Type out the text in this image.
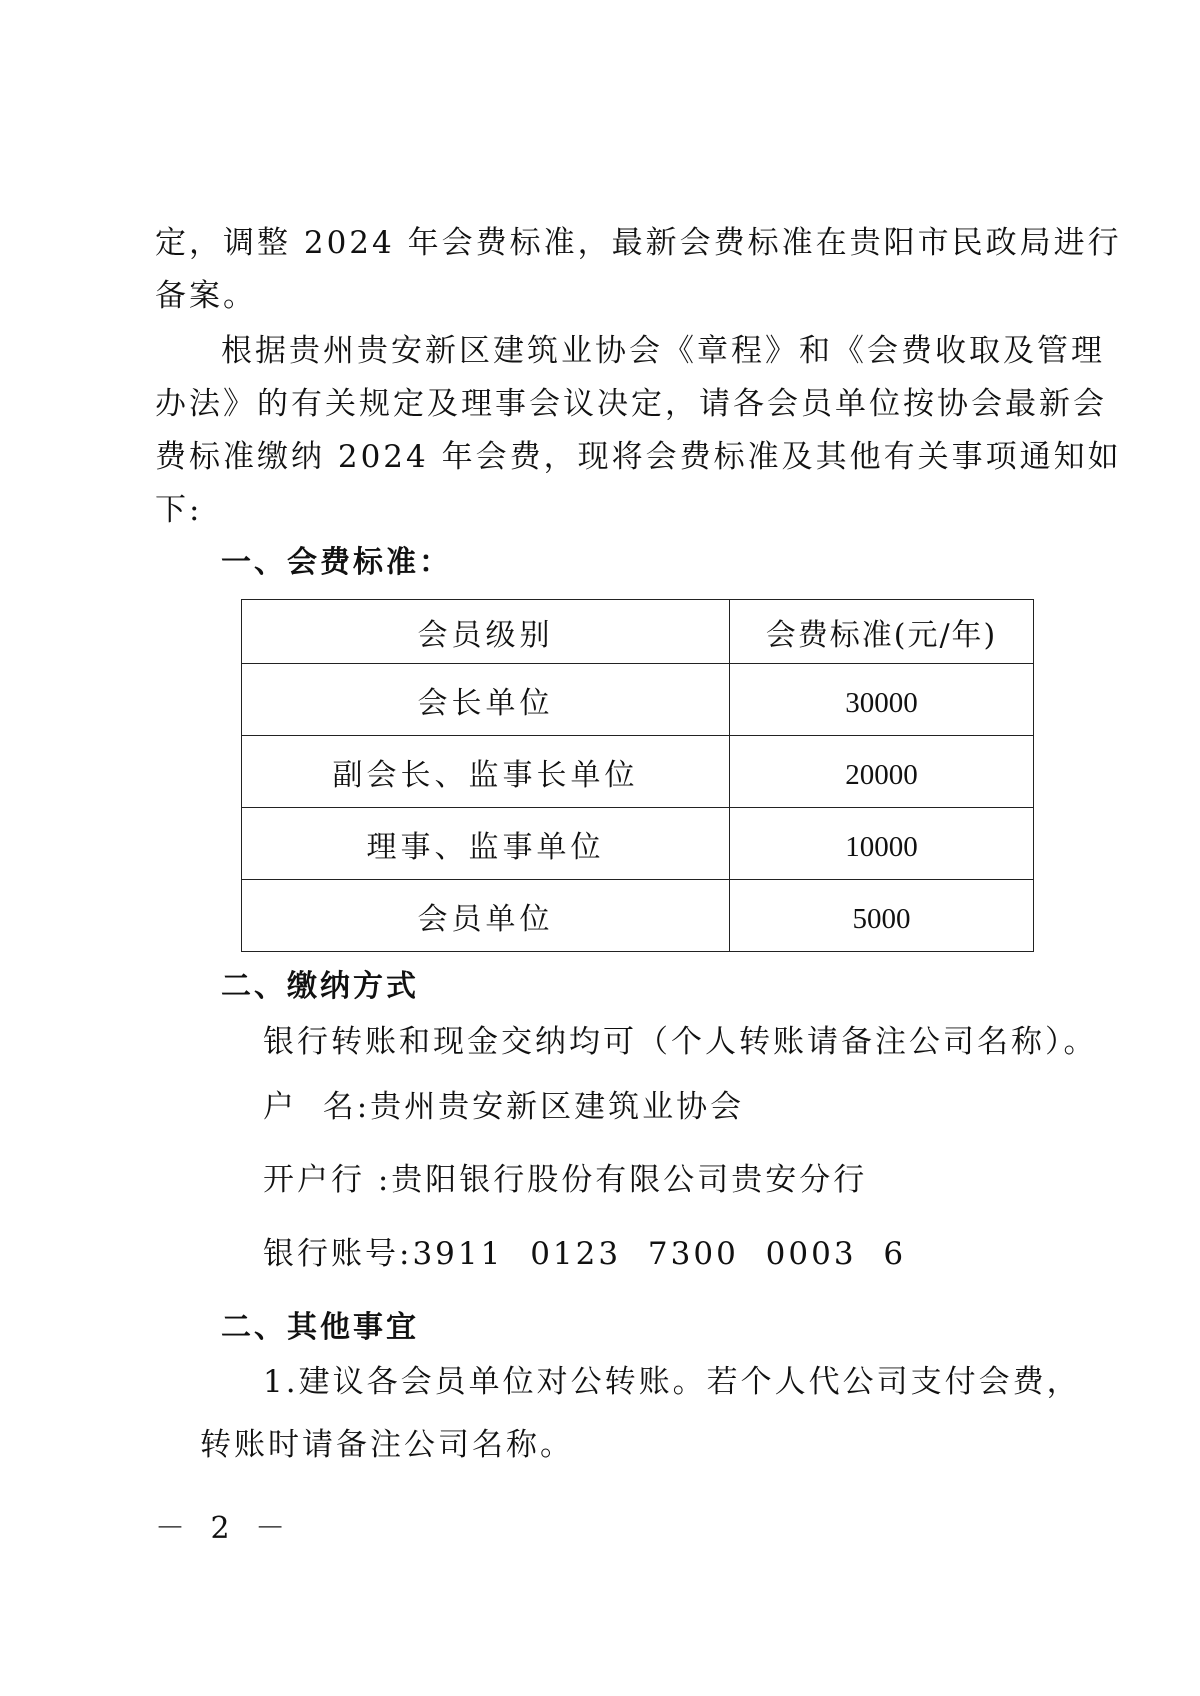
定，调整 2024 年会费标准，最新会费标准在贵阳市民政局进行
备案。
根据贵州贵安新区建筑业协会《章程》和《会费收取及管理
办法》的有关规定及理事会议决定，请各会员单位按协会最新会
费标准缴纳 2024 年会费，现将会费标准及其他有关事项通知如
下:
一、会费标准：
会员级别	会费标准(元/年)
会长单位	30000
副会长、监事长单位	20000
理事、监事单位	10000
会员单位	5000
二、缴纳方式
银行转账和现金交纳均可（个人转账请备注公司名称）。
户  名:贵州贵安新区建筑业协会
开户行 :贵阳银行股份有限公司贵安分行
银行账号:3911 0123 7300 0003 6
二、其他事宜
1.建议各会员单位对公转账。若个人代公司支付会费，
转账时请备注公司名称。
－ 2 －
